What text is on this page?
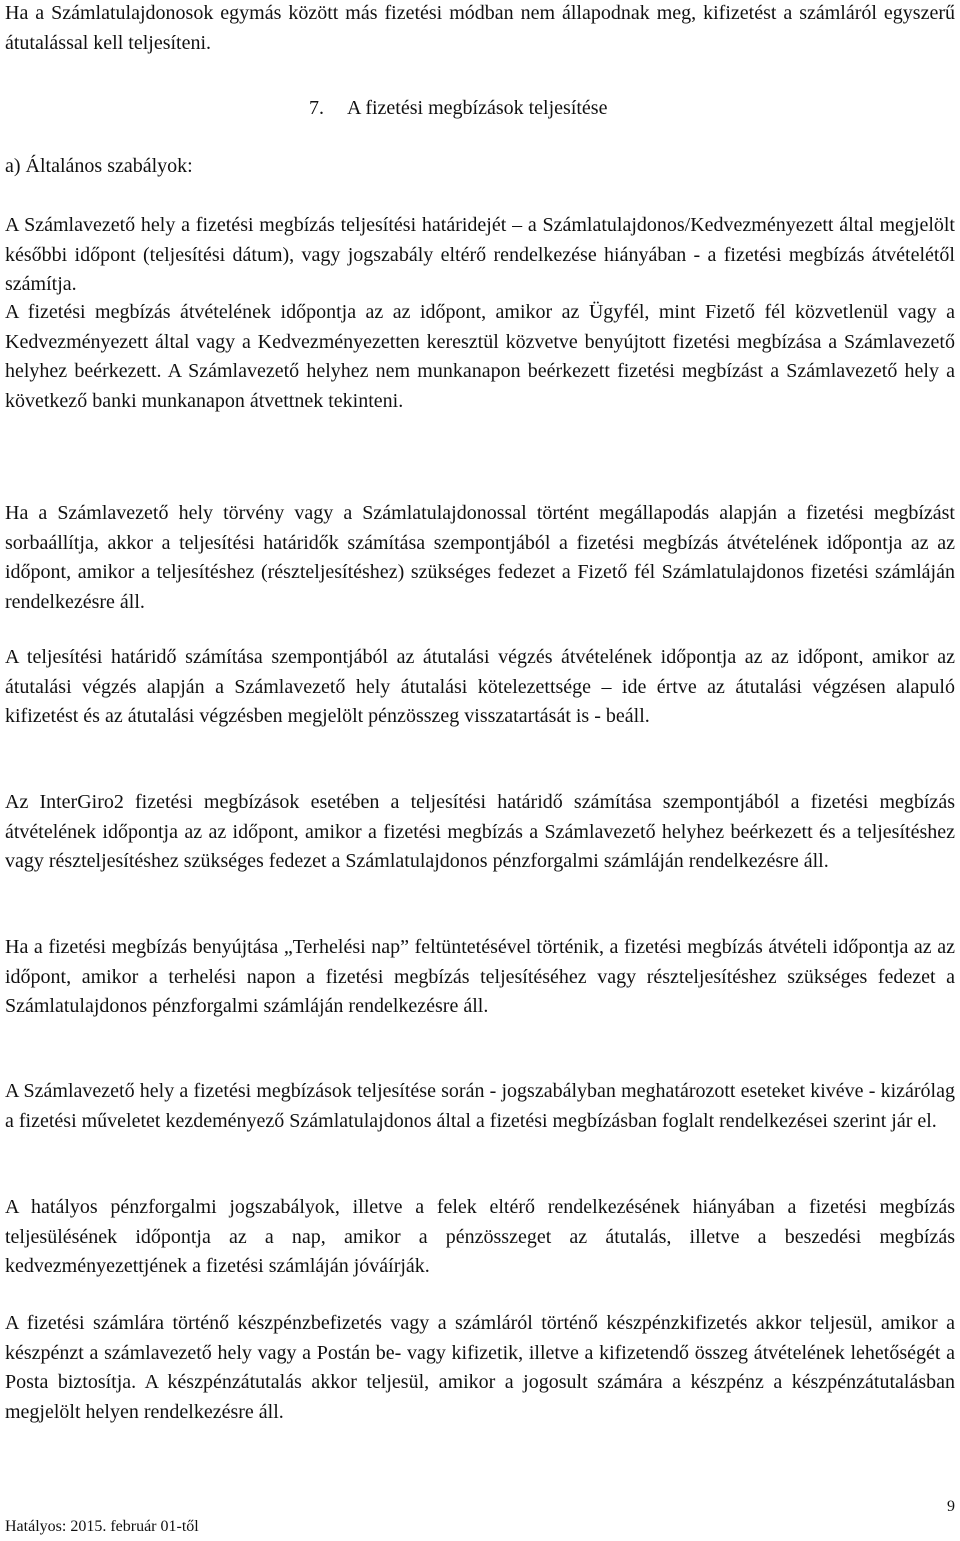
Ha a Számlatulajdonosok egymás között más fizetési módban nem állapodnak meg, kifizetést a számláról egyszerű átutalással kell teljesíteni.

7. A fizetési megbízások teljesítése
a) Általános szabályok:

A Számlavezető hely a fizetési megbízás teljesítési határidejét – a Számlatulajdonos/Kedvezményezett által megjelölt későbbi időpont (teljesítési dátum), vagy jogszabály eltérő rendelkezése hiányában - a fizetési megbízás átvételétől számítja.

A fizetési megbízás átvételének időpontja az az időpont, amikor az Ügyfél, mint Fizető fél közvetlenül vagy a Kedvezményezett által vagy a Kedvezményezetten keresztül közvetve benyújtott fizetési megbízása a Számlavezető helyhez beérkezett. A Számlavezető helyhez nem munkanapon beérkezett fizetési megbízást a Számlavezető hely a következő banki munkanapon átvettnek tekinteni.

Ha a Számlavezető hely törvény vagy a Számlatulajdonossal történt megállapodás alapján a fizetési megbízást sorbaállítja, akkor a teljesítési határidők számítása szempontjából a fizetési megbízás átvételének időpontja az az időpont, amikor a teljesítéshez (részteljesítéshez) szükséges fedezet a Fizető fél Számlatulajdonos fizetési számláján rendelkezésre áll.

A teljesítési határidő számítása szempontjából az átutalási végzés átvételének időpontja az az időpont, amikor az átutalási végzés alapján a Számlavezető hely átutalási kötelezettsége – ide értve az átutalási végzésen alapuló kifizetést és az átutalási végzésben megjelölt pénzösszeg visszatartását is - beáll.

Az InterGiro2 fizetési megbízások esetében a teljesítési határidő számítása szempontjából a fizetési megbízás átvételének időpontja az az időpont, amikor a fizetési megbízás a Számlavezető helyhez beérkezett és a teljesítéshez vagy részteljesítéshez szükséges fedezet a Számlatulajdonos pénzforgalmi számláján rendelkezésre áll.

Ha a fizetési megbízás benyújtása „Terhelési nap” feltüntetésével történik, a fizetési megbízás átvételi időpontja az az időpont, amikor a terhelési napon a fizetési megbízás teljesítéséhez vagy részteljesítéshez szükséges fedezet a Számlatulajdonos pénzforgalmi számláján rendelkezésre áll.

A Számlavezető hely a fizetési megbízások teljesítése során - jogszabályban meghatározott eseteket kivéve - kizárólag a fizetési műveletet kezdeményező Számlatulajdonos által a fizetési megbízásban foglalt rendelkezései szerint jár el.

A hatályos pénzforgalmi jogszabályok, illetve a felek eltérő rendelkezésének hiányában a fizetési megbízás teljesülésének időpontja az a nap, amikor a pénzösszeget az átutalás, illetve a beszedési megbízás kedvezményezettjének a fizetési számláján jóváírják.

A fizetési számlára történő készpénzbefizetés vagy a számláról történő készpénzkifizetés akkor teljesül, amikor a készpénzt a számlavezető hely vagy a Postán be- vagy kifizetik, illetve a kifizetendő összeg átvételének lehetőségét a Posta biztosítja. A készpénzátutalás akkor teljesül, amikor a jogosult számára a készpénz a készpénzátutalásban megjelölt helyen rendelkezésre áll.

Hatályos: 2015. február 01-től
9
